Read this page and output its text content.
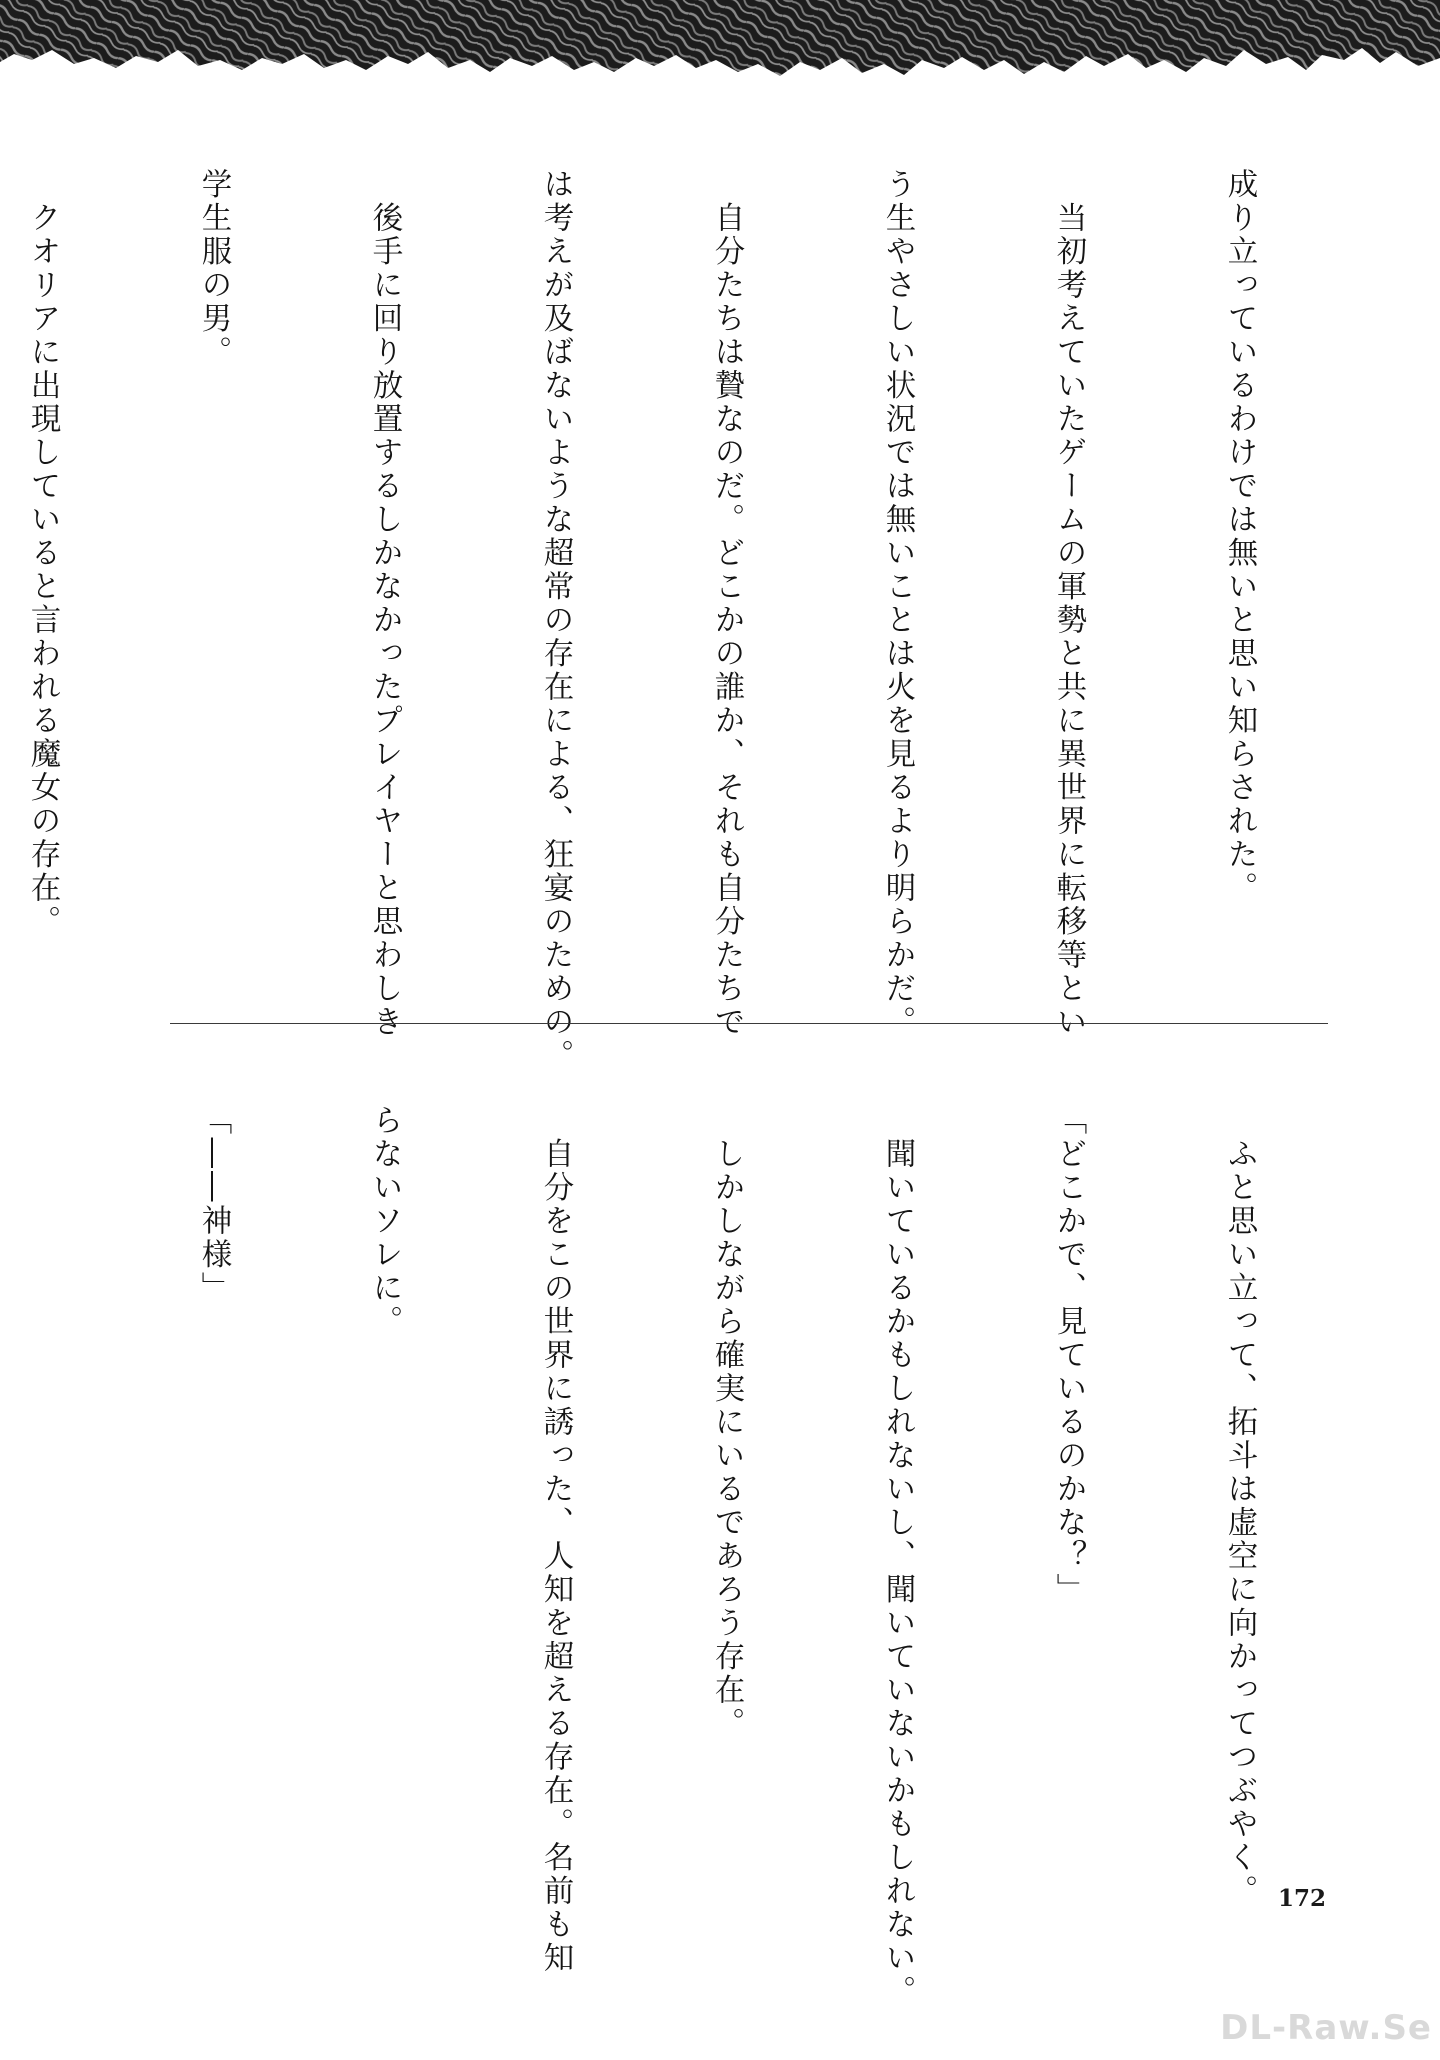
成り立っているわけでは無いと思い知らされた。

　当初考えていたゲームの軍勢と共に異世界に転移等とい

う生やさしい状況では無いことは火を見るより明らかだ。

　自分たちは贄なのだ。どこかの誰か、それも自分たちで

は考えが及ばないような超常の存在による、狂宴のための。

　後手に回り放置するしかなかったプレイヤーと思わしき

学生服の男。

　クオリアに出現していると言われる魔女の存在。

　ふと思い立って、拓斗は虚空に向かってつぶやく。

「どこかで、見ているのかな？」

　聞いているかもしれないし、聞いていないかもしれない。

　しかしながら確実にいるであろう存在。

　自分をこの世界に誘った、人知を超える存在。名前も知

らないソレに。

「――神様」

172
DL-Raw.Se
